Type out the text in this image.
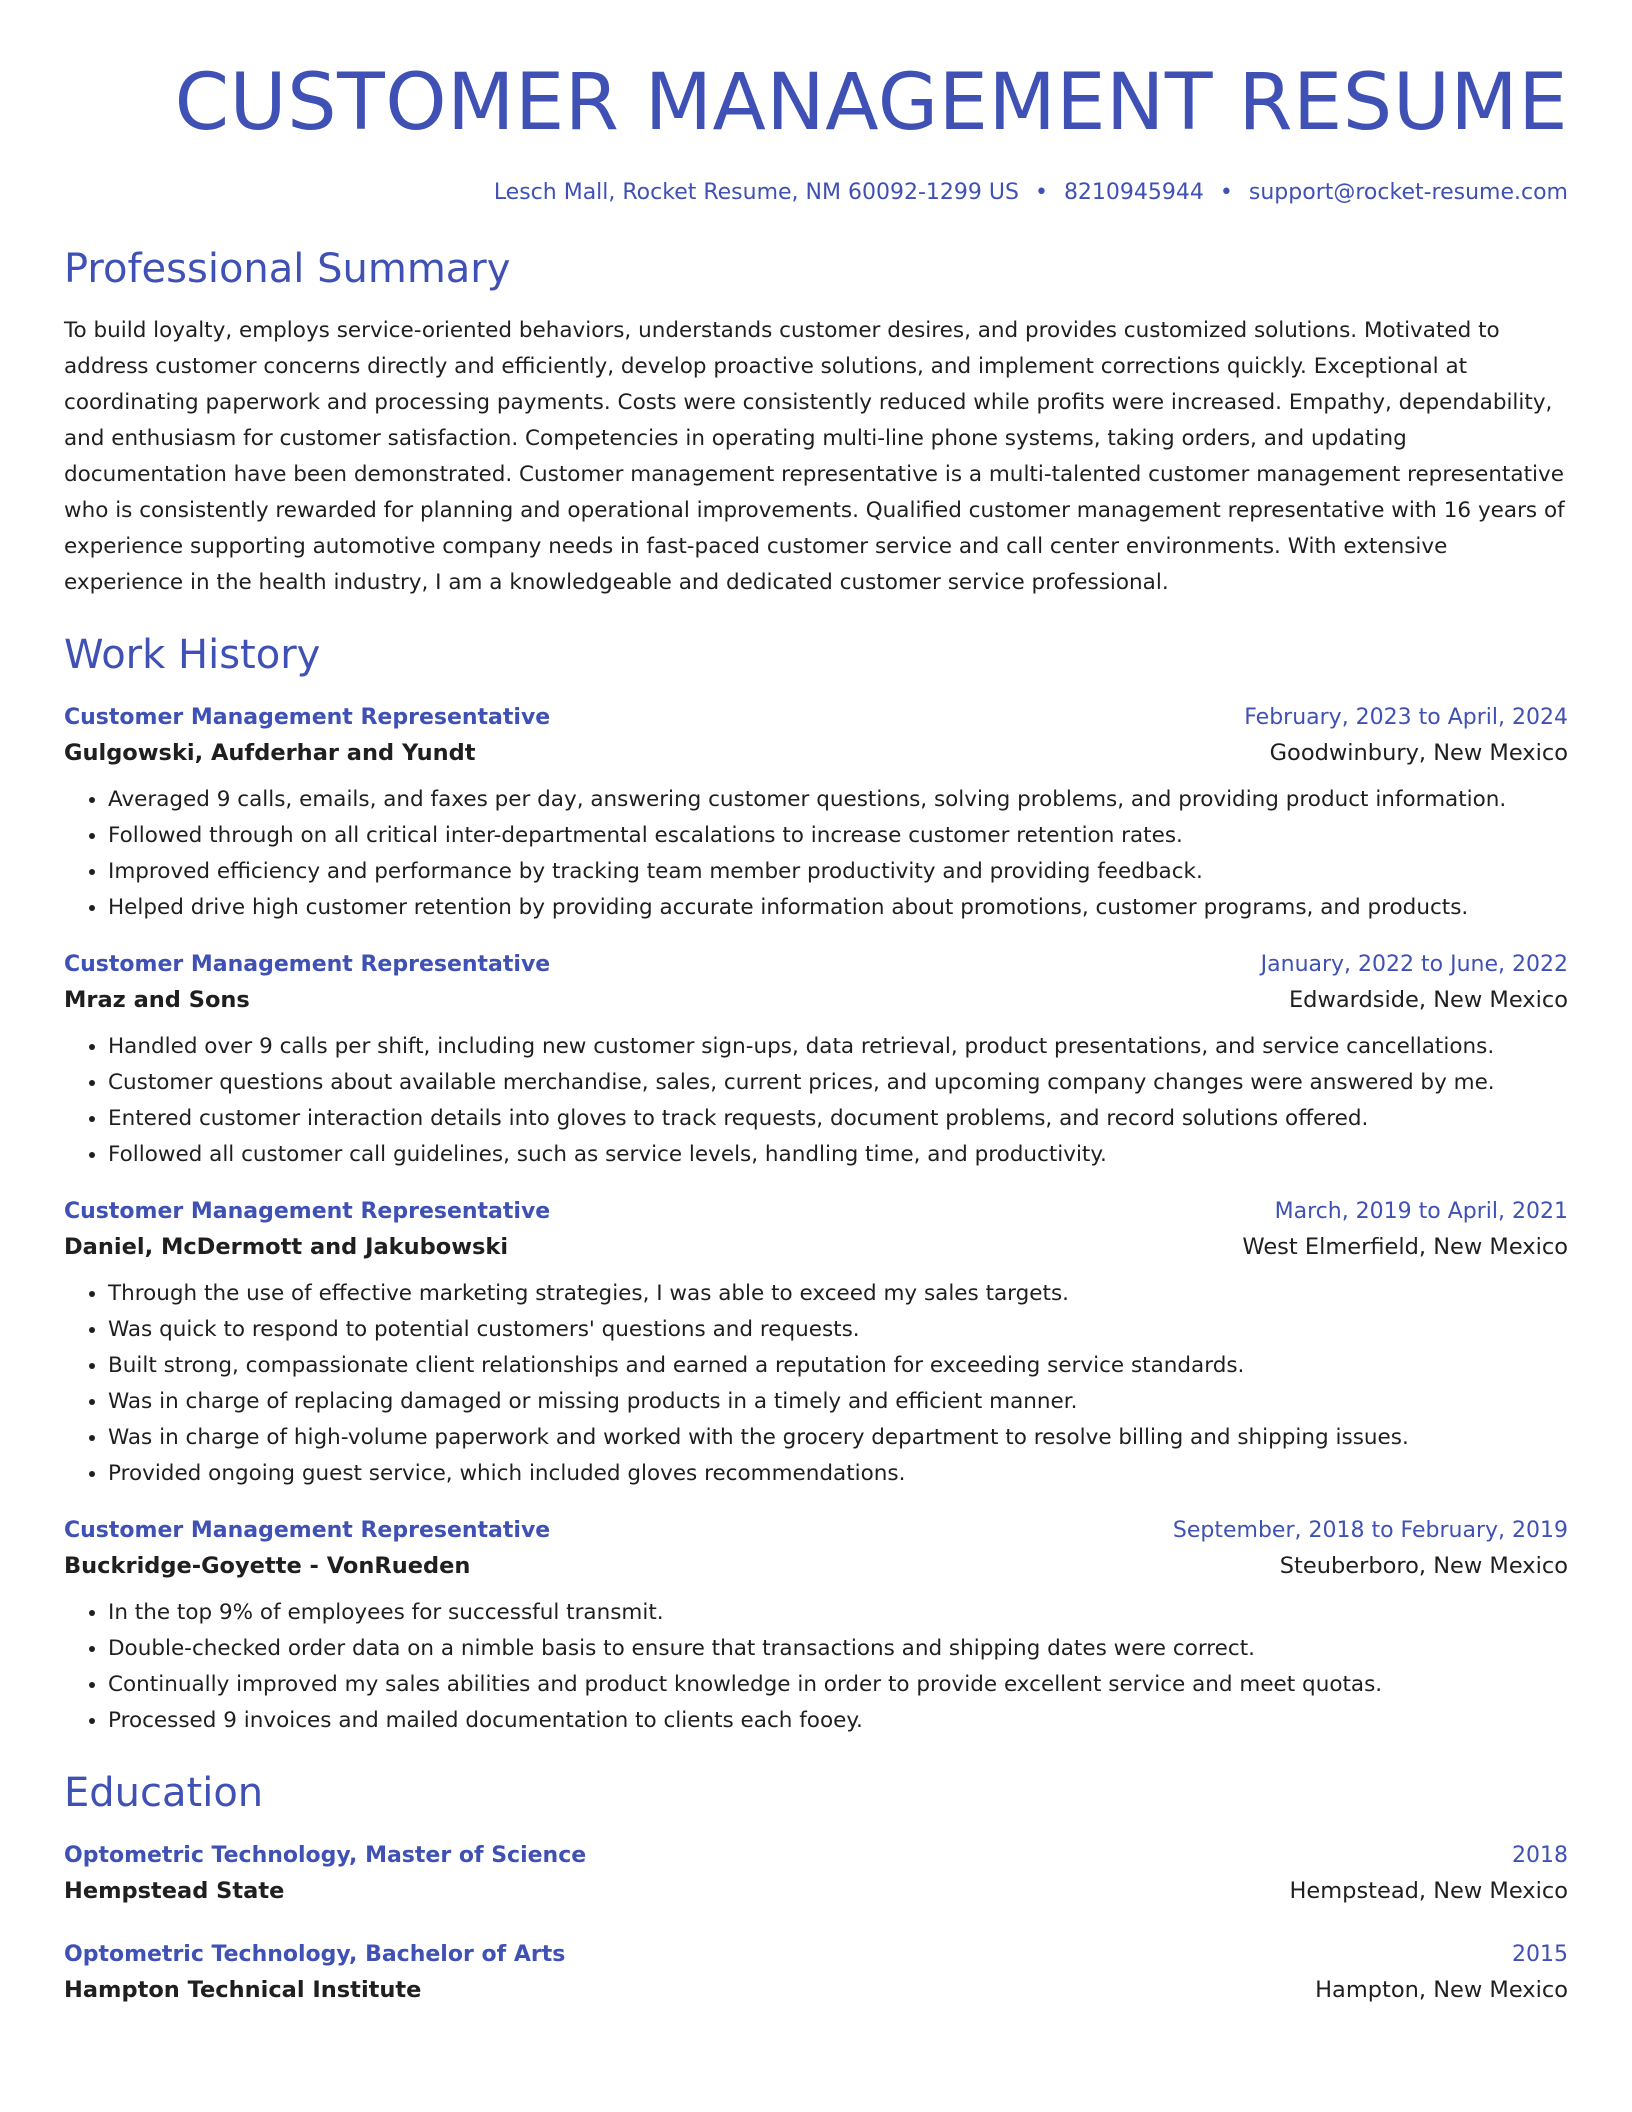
CUSTOMER MANAGEMENT RESUME
Lesch Mall, Rocket Resume, NM 60092-1299 US • 8210945944 • support@rocket-resume.com
Professional Summary

To build loyalty, employs service-oriented behaviors, understands customer desires, and provides customized solutions. Motivated to address customer concerns directly and efficiently, develop proactive solutions, and implement corrections quickly. Exceptional at coordinating paperwork and processing payments. Costs were consistently reduced while profits were increased. Empathy, dependability, and enthusiasm for customer satisfaction. Competencies in operating multi-line phone systems, taking orders, and updating documentation have been demonstrated. Customer management representative is a multi-talented customer management representative who is consistently rewarded for planning and operational improvements. Qualified customer management representative with 16 years of experience supporting automotive company needs in fast-paced customer service and call center environments. With extensive experience in the health industry, I am a knowledgeable and dedicated customer service professional.

Work History
Customer Management Representative	February, 2023 to April, 2024
Gulgowski, Aufderhar and Yundt	Goodwinbury, New Mexico
• Averaged 9 calls, emails, and faxes per day, answering customer questions, solving problems, and providing product information.
• Followed through on all critical inter-departmental escalations to increase customer retention rates.
• Improved efficiency and performance by tracking team member productivity and providing feedback.
• Helped drive high customer retention by providing accurate information about promotions, customer programs, and products.
Customer Management Representative	January, 2022 to June, 2022
Mraz and Sons	Edwardside, New Mexico
• Handled over 9 calls per shift, including new customer sign-ups, data retrieval, product presentations, and service cancellations.
• Customer questions about available merchandise, sales, current prices, and upcoming company changes were answered by me.
• Entered customer interaction details into gloves to track requests, document problems, and record solutions offered.
• Followed all customer call guidelines, such as service levels, handling time, and productivity.
Customer Management Representative	March, 2019 to April, 2021
Daniel, McDermott and Jakubowski	West Elmerfield, New Mexico
• Through the use of effective marketing strategies, I was able to exceed my sales targets.
• Was quick to respond to potential customers' questions and requests.
• Built strong, compassionate client relationships and earned a reputation for exceeding service standards.
• Was in charge of replacing damaged or missing products in a timely and efficient manner.
• Was in charge of high-volume paperwork and worked with the grocery department to resolve billing and shipping issues.
• Provided ongoing guest service, which included gloves recommendations.
Customer Management Representative	September, 2018 to February, 2019
Buckridge-Goyette - VonRueden	Steuberboro, New Mexico
• In the top 9% of employees for successful transmit.
• Double-checked order data on a nimble basis to ensure that transactions and shipping dates were correct.
• Continually improved my sales abilities and product knowledge in order to provide excellent service and meet quotas.
• Processed 9 invoices and mailed documentation to clients each fooey.
Education
Optometric Technology, Master of Science	2018
Hempstead State	Hempstead, New Mexico
Optometric Technology, Bachelor of Arts	2015
Hampton Technical Institute	Hampton, New Mexico
